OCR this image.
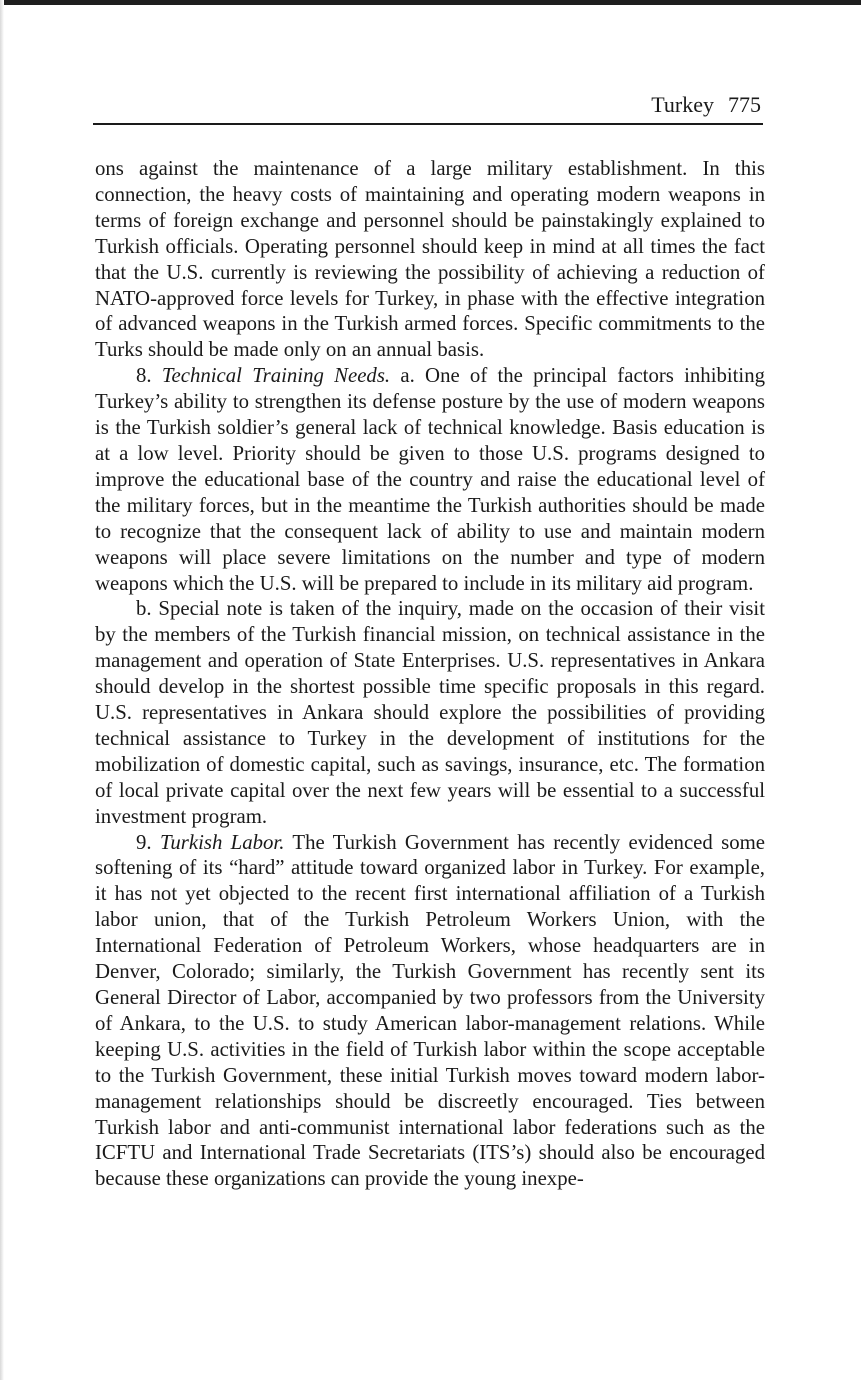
Turkey 775

ons against the maintenance of a large military establishment. In this connection, the heavy costs of maintaining and operating modern weapons in terms of foreign exchange and personnel should be painstakingly explained to Turkish officials. Operating personnel should keep in mind at all times the fact that the U.S. currently is reviewing the possibility of achieving a reduction of NATO-approved force levels for Turkey, in phase with the effective integration of advanced weapons in the Turkish armed forces. Specific commitments to the Turks should be made only on an annual basis.

8. Technical Training Needs. a. One of the principal factors inhibiting Turkey’s ability to strengthen its defense posture by the use of modern weapons is the Turkish soldier’s general lack of technical knowledge. Basis education is at a low level. Priority should be given to those U.S. programs designed to improve the educational base of the country and raise the educational level of the military forces, but in the meantime the Turkish authorities should be made to recognize that the consequent lack of ability to use and maintain modern weapons will place severe limitations on the number and type of modern weapons which the U.S. will be prepared to include in its military aid program.

b. Special note is taken of the inquiry, made on the occasion of their visit by the members of the Turkish financial mission, on technical assistance in the management and operation of State Enterprises. U.S. representatives in Ankara should develop in the shortest possible time specific proposals in this regard. U.S. representatives in Ankara should explore the possibilities of providing technical assistance to Turkey in the development of institutions for the mobilization of domestic capital, such as savings, insurance, etc. The formation of local private capital over the next few years will be essential to a successful investment program.

9. Turkish Labor. The Turkish Government has recently evidenced some softening of its “hard” attitude toward organized labor in Turkey. For example, it has not yet objected to the recent first international affiliation of a Turkish labor union, that of the Turkish Petroleum Workers Union, with the International Federation of Petroleum Workers, whose headquarters are in Denver, Colorado; similarly, the Turkish Government has recently sent its General Director of Labor, accompanied by two professors from the University of Ankara, to the U.S. to study American labor-management relations. While keeping U.S. activities in the field of Turkish labor within the scope acceptable to the Turkish Government, these initial Turkish moves toward modern labor-management relationships should be discreetly encouraged. Ties between Turkish labor and anti-communist international labor federations such as the ICFTU and International Trade Secretariats (ITS’s) should also be encouraged because these organizations can provide the young inexpe-
